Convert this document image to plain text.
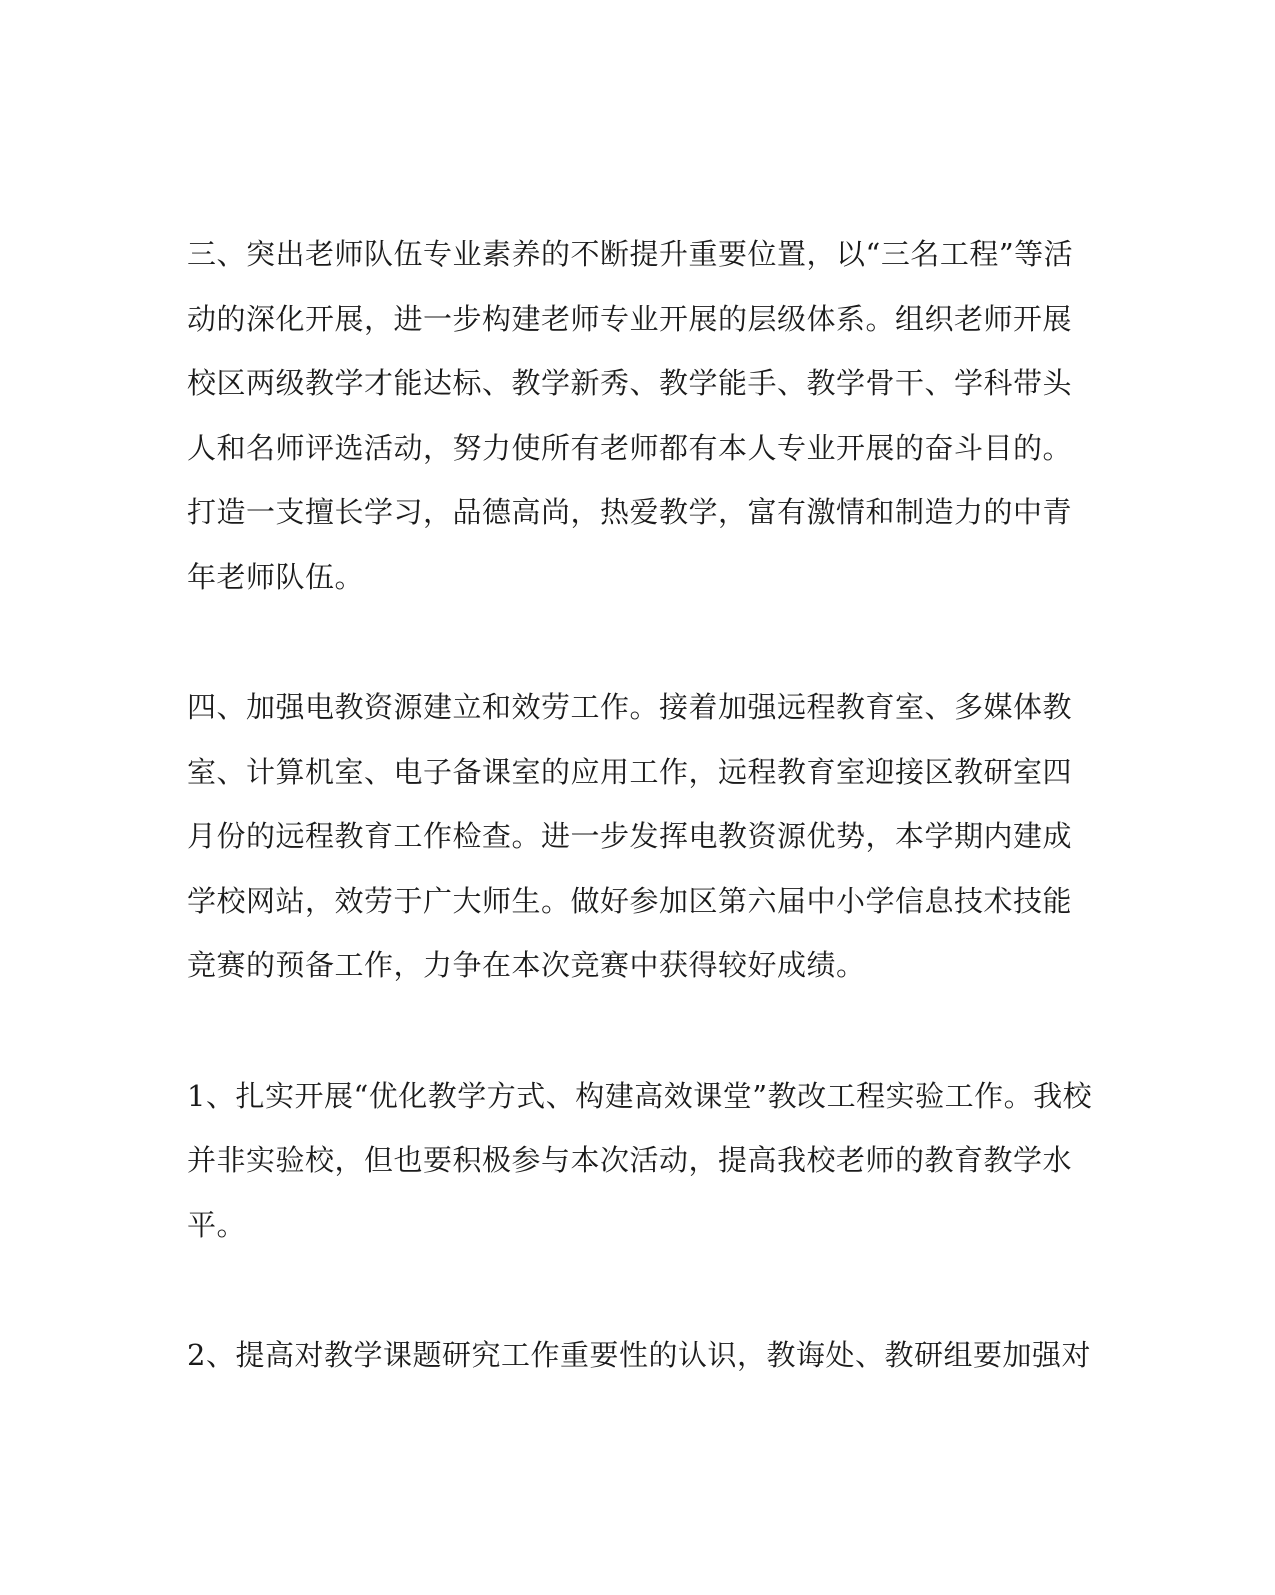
三、突出老师队伍专业素养的不断提升重要位置，以“三名工程”等活
动的深化开展，进一步构建老师专业开展的层级体系。组织老师开展
校区两级教学才能达标、教学新秀、教学能手、教学骨干、学科带头
人和名师评选活动，努力使所有老师都有本人专业开展的奋斗目的。
打造一支擅长学习，品德高尚，热爱教学，富有激情和制造力的中青
年老师队伍。

四、加强电教资源建立和效劳工作。接着加强远程教育室、多媒体教
室、计算机室、电子备课室的应用工作，远程教育室迎接区教研室四
月份的远程教育工作检查。进一步发挥电教资源优势，本学期内建成
学校网站，效劳于广大师生。做好参加区第六届中小学信息技术技能
竞赛的预备工作，力争在本次竞赛中获得较好成绩。

1、扎实开展“优化教学方式、构建高效课堂”教改工程实验工作。我校
并非实验校，但也要积极参与本次活动，提高我校老师的教育教学水
平。

2、提高对教学课题研究工作重要性的认识，教诲处、教研组要加强对
